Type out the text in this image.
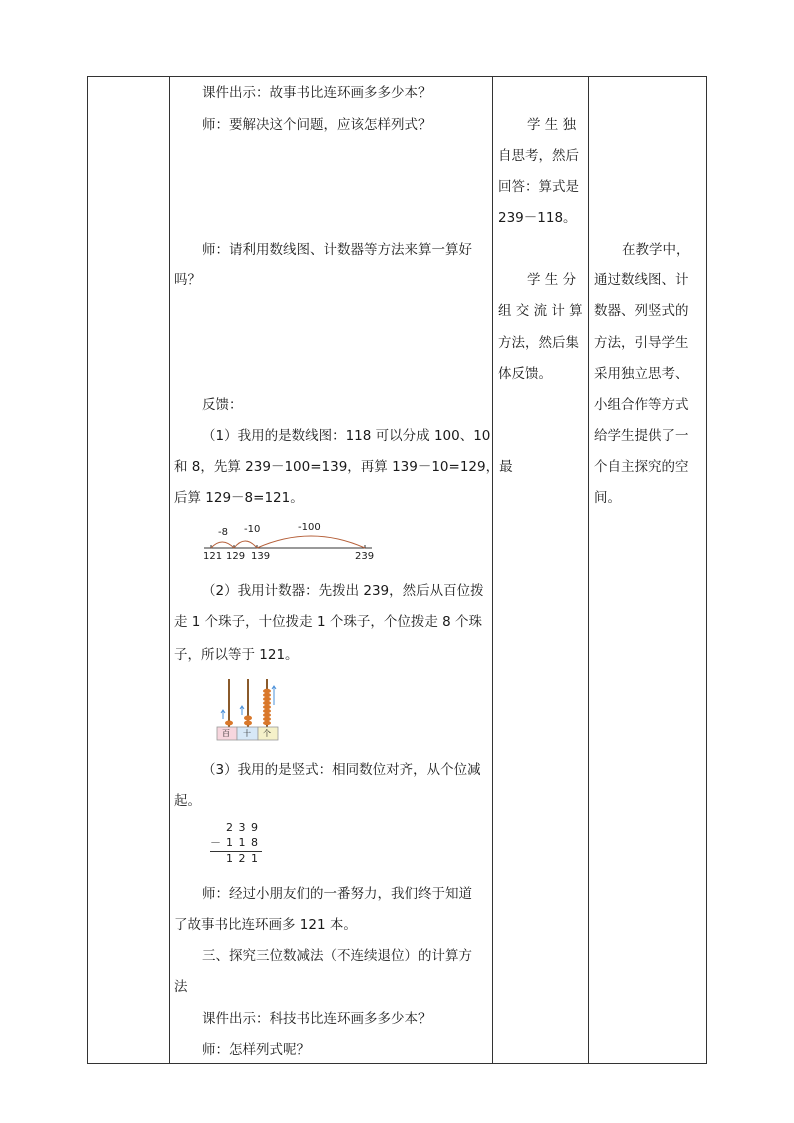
课件出示：故事书比连环画多多少本？
师：要解决这个问题，应该怎样列式？
师：请利用数线图、计数器等方法来算一算好
吗？
反馈：
（1）我用的是数线图：118 可以分成 100、10
和 8，先算 239－100=139，再算 139－10=129，最
后算 129－8=121。
-8 -10	-100
121 129 139	239
（2）我用计数器：先拨出 239，然后从百位拨
走 1 个珠子，十位拨走 1 个珠子，个位拨走 8 个珠
子，所以等于 121。
百 十 个
（3）我用的是竖式：相同数位对齐，从个位减
起。
2 3 9
－ 1 1 8
1 2 1
师：经过小朋友们的一番努力，我们终于知道
了故事书比连环画多 121 本。
三、探究三位数减法（不连续退位）的计算方
法
课件出示：科技书比连环画多多少本？
师：怎样列式呢？
学 生 独
自思考，然后
回答：算式是
239－118。
学 生 分
组 交 流 计 算
方法，然后集
体反馈。
在教学中，
通过数线图、计
数器、列竖式的
方法，引导学生
采用独立思考、
小组合作等方式
给学生提供了一
个自主探究的空
间。
